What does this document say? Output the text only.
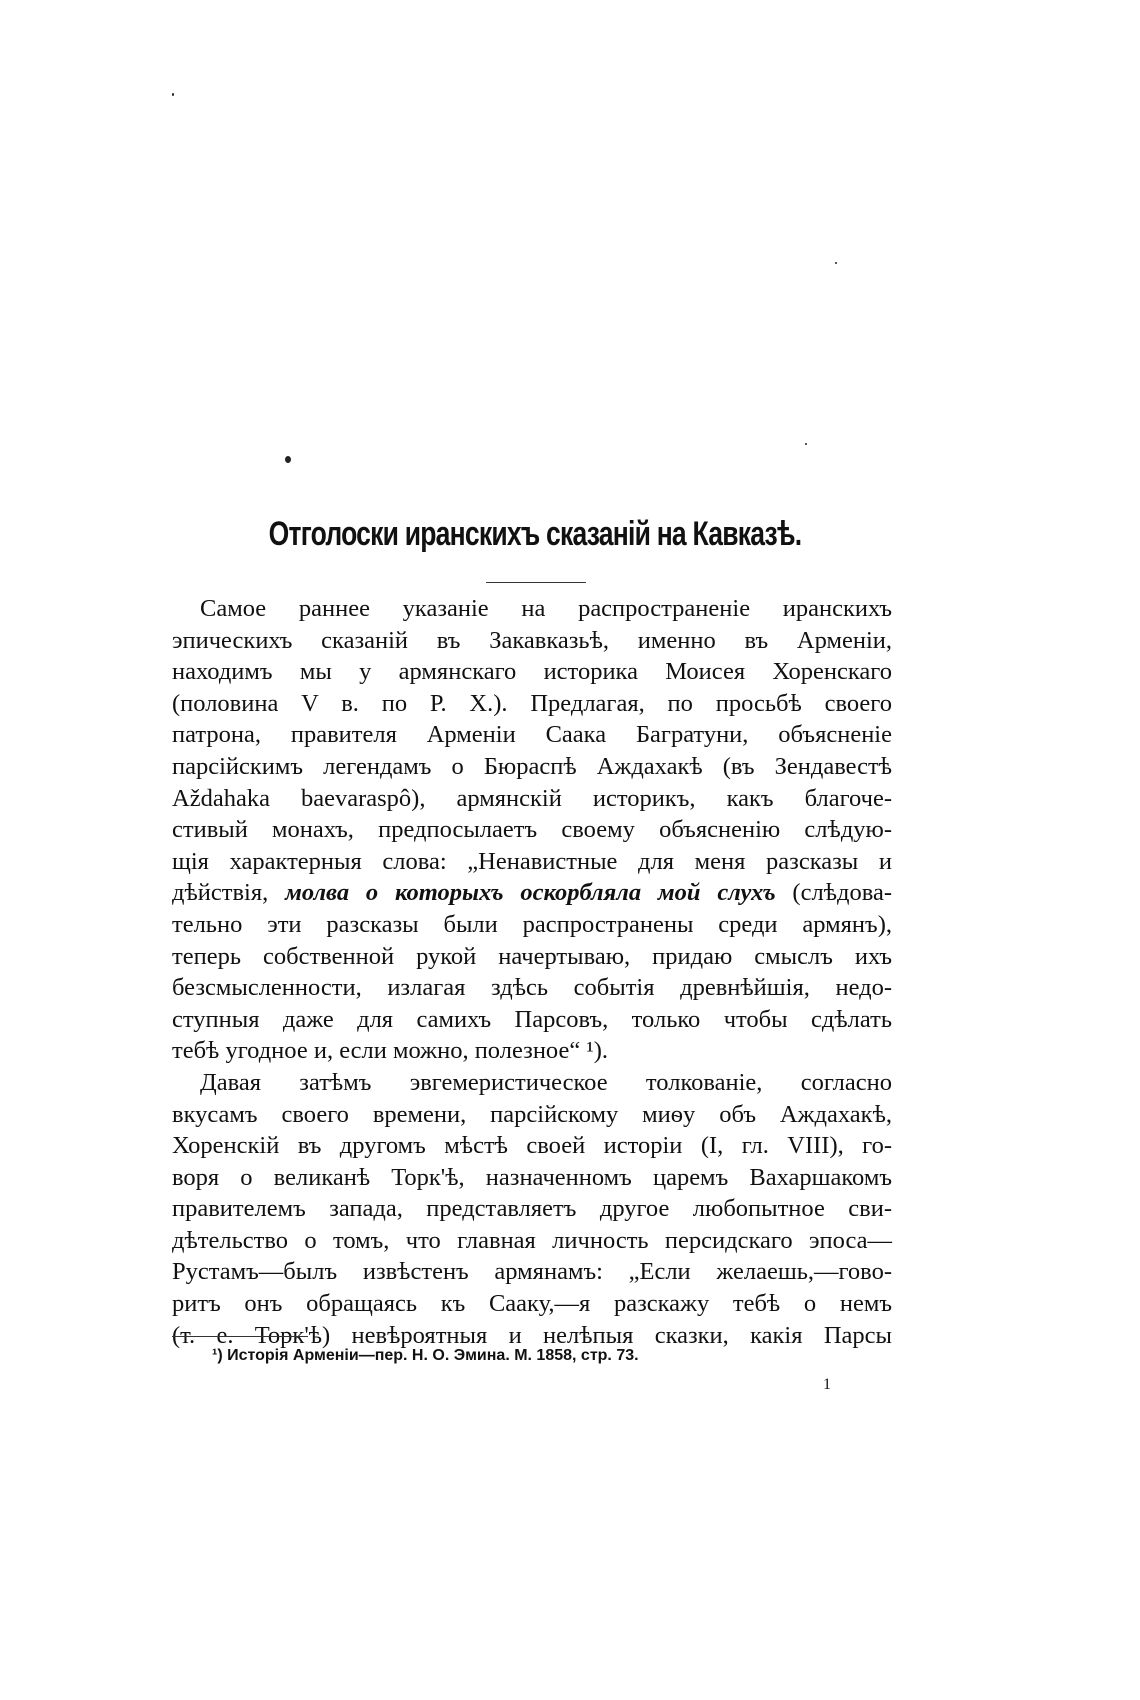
Отголоски иранскихъ сказаній на Кавказѣ.
Самое раннее указаніе на распространеніе иранскихъ
эпическихъ сказаній въ Закавказьѣ, именно въ Арменіи,
находимъ мы у армянскаго историка Моисея Хоренскаго
(половина V в. по Р. X.). Предлагая, по просьбѣ своего
патрона, правителя Арменіи Саака Багратуни, объясненіе
парсійскимъ легендамъ о Бюраспѣ Аждахакѣ (въ Зендавестѣ
Aždahaka baevaraspô), армянскій историкъ, какъ благоче-
стивый монахъ, предпосылаетъ своему объясненію слѣдую-
щія характерныя слова: „Ненавистные для меня разсказы и
дѣйствія, молва о которыхъ оскорбляла мой слухъ (слѣдова-
тельно эти разсказы были распространены среди армянъ),
теперь собственной рукой начертываю, придаю смыслъ ихъ
безсмысленности, излагая здѣсь событія древнѣйшія, недо-
ступныя даже для самихъ Парсовъ, только чтобы сдѣлать
тебѣ угодное и, если можно, полезное“ ¹).
Давая затѣмъ эвгемеристическое толкованіе, согласно
вкусамъ своего времени, парсійскому миѳу объ Аждахакѣ,
Хоренскій въ другомъ мѣстѣ своей исторіи (I, гл. VIII), го-
воря о великанѣ Торк'ѣ, назначенномъ царемъ Вахаршакомъ
правителемъ запада, представляетъ другое любопытное сви-
дѣтельство о томъ, что главная личность персидскаго эпоса—
Рустамъ—былъ извѣстенъ армянамъ: „Если желаешь,—гово-
ритъ онъ обращаясь къ Сааку,—я разскажу тебѣ о немъ
(т. е. Торк'ѣ) невѣроятныя и нелѣпыя сказки, какія Парсы
¹) Исторія Арменіи—пер. Н. О. Эмина. М. 1858, стр. 73.
1
